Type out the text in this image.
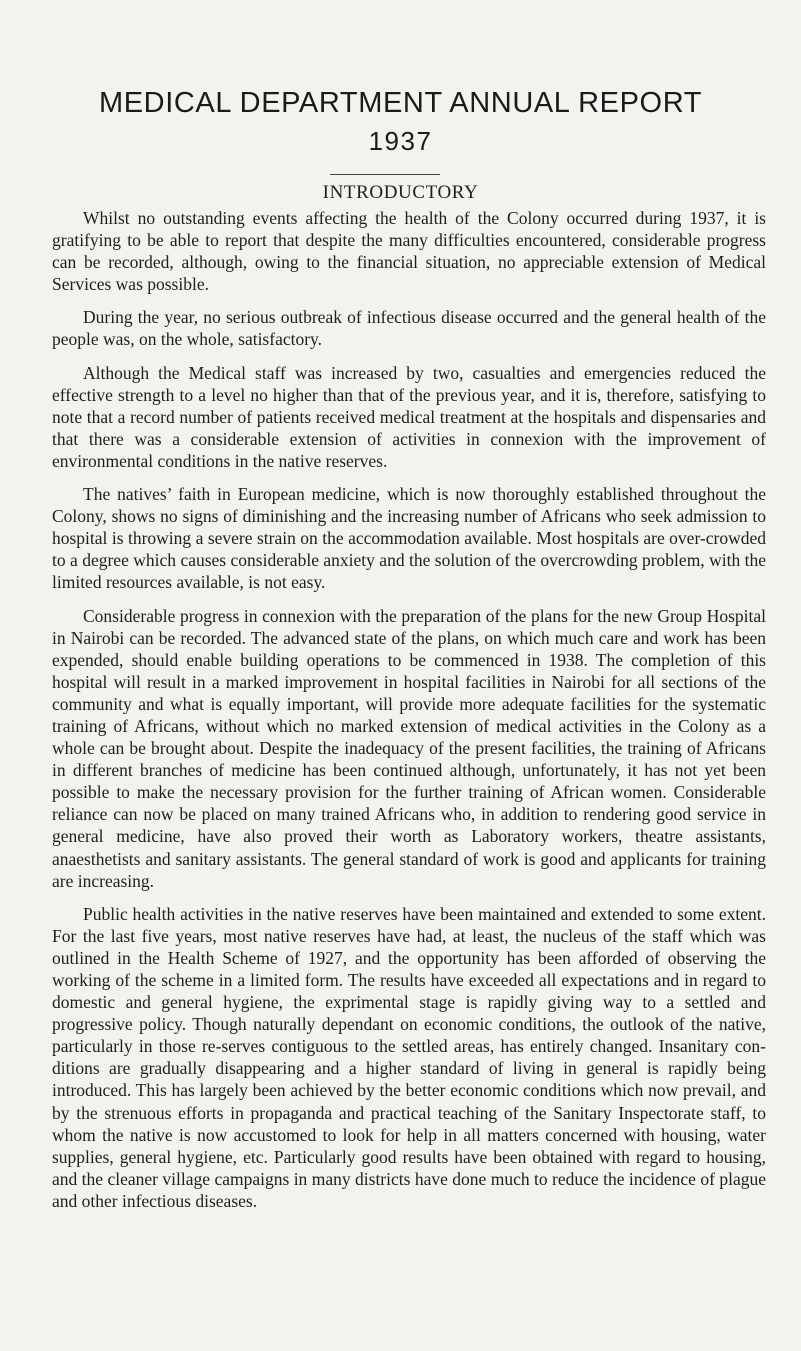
MEDICAL DEPARTMENT ANNUAL REPORT
1937
INTRODUCTORY

Whilst no outstanding events affecting the health of the Colony occurred during 1937, it is gratifying to be able to report that despite the many difficulties encountered, considerable progress can be recorded, although, owing to the financial situation, no appreciable extension of Medical Services was possible.

During the year, no serious outbreak of infectious disease occurred and the general health of the people was, on the whole, satisfactory.

Although the Medical staff was increased by two, casualties and emergencies reduced the effective strength to a level no higher than that of the previous year, and it is, therefore, satisfying to note that a record number of patients received medical treatment at the hospitals and dispensaries and that there was a considerable extension of activities in connexion with the improvement of environmental conditions in the native reserves.

The natives’ faith in European medicine, which is now thoroughly established throughout the Colony, shows no signs of diminishing and the increasing number of Africans who seek admission to hospital is throwing a severe strain on the accommodation available. Most hospitals are over-crowded to a degree which causes considerable anxiety and the solution of the overcrowding problem, with the limited resources available, is not easy.

Considerable progress in connexion with the preparation of the plans for the new Group Hospital in Nairobi can be recorded. The advanced state of the plans, on which much care and work has been expended, should enable building operations to be commenced in 1938. The completion of this hospital will result in a marked improvement in hospital facilities in Nairobi for all sections of the community and what is equally important, will provide more adequate facilities for the systematic training of Africans, without which no marked extension of medical activities in the Colony as a whole can be brought about. Despite the inadequacy of the present facilities, the training of Africans in different branches of medicine has been continued although, unfortunately, it has not yet been possible to make the necessary provision for the further training of African women. Considerable reliance can now be placed on many trained Africans who, in addition to rendering good service in general medicine, have also proved their worth as Laboratory workers, theatre assistants, anaesthetists and sanitary assistants. The general standard of work is good and applicants for training are increasing.

Public health activities in the native reserves have been maintained and extended to some extent. For the last five years, most native reserves have had, at least, the nucleus of the staff which was outlined in the Health Scheme of 1927, and the opportunity has been afforded of observing the working of the scheme in a limited form. The results have exceeded all expectations and in regard to domestic and general hygiene, the exprimental stage is rapidly giving way to a settled and progressive policy. Though naturally dependant on economic conditions, the outlook of the native, particularly in those re-serves contiguous to the settled areas, has entirely changed. Insanitary con-ditions are gradually disappearing and a higher standard of living in general is rapidly being introduced. This has largely been achieved by the better economic conditions which now prevail, and by the strenuous efforts in propaganda and practical teaching of the Sanitary Inspectorate staff, to whom the native is now accustomed to look for help in all matters concerned with housing, water supplies, general hygiene, etc. Particularly good results have been obtained with regard to housing, and the cleaner village campaigns in many districts have done much to reduce the incidence of plague and other infectious diseases.
